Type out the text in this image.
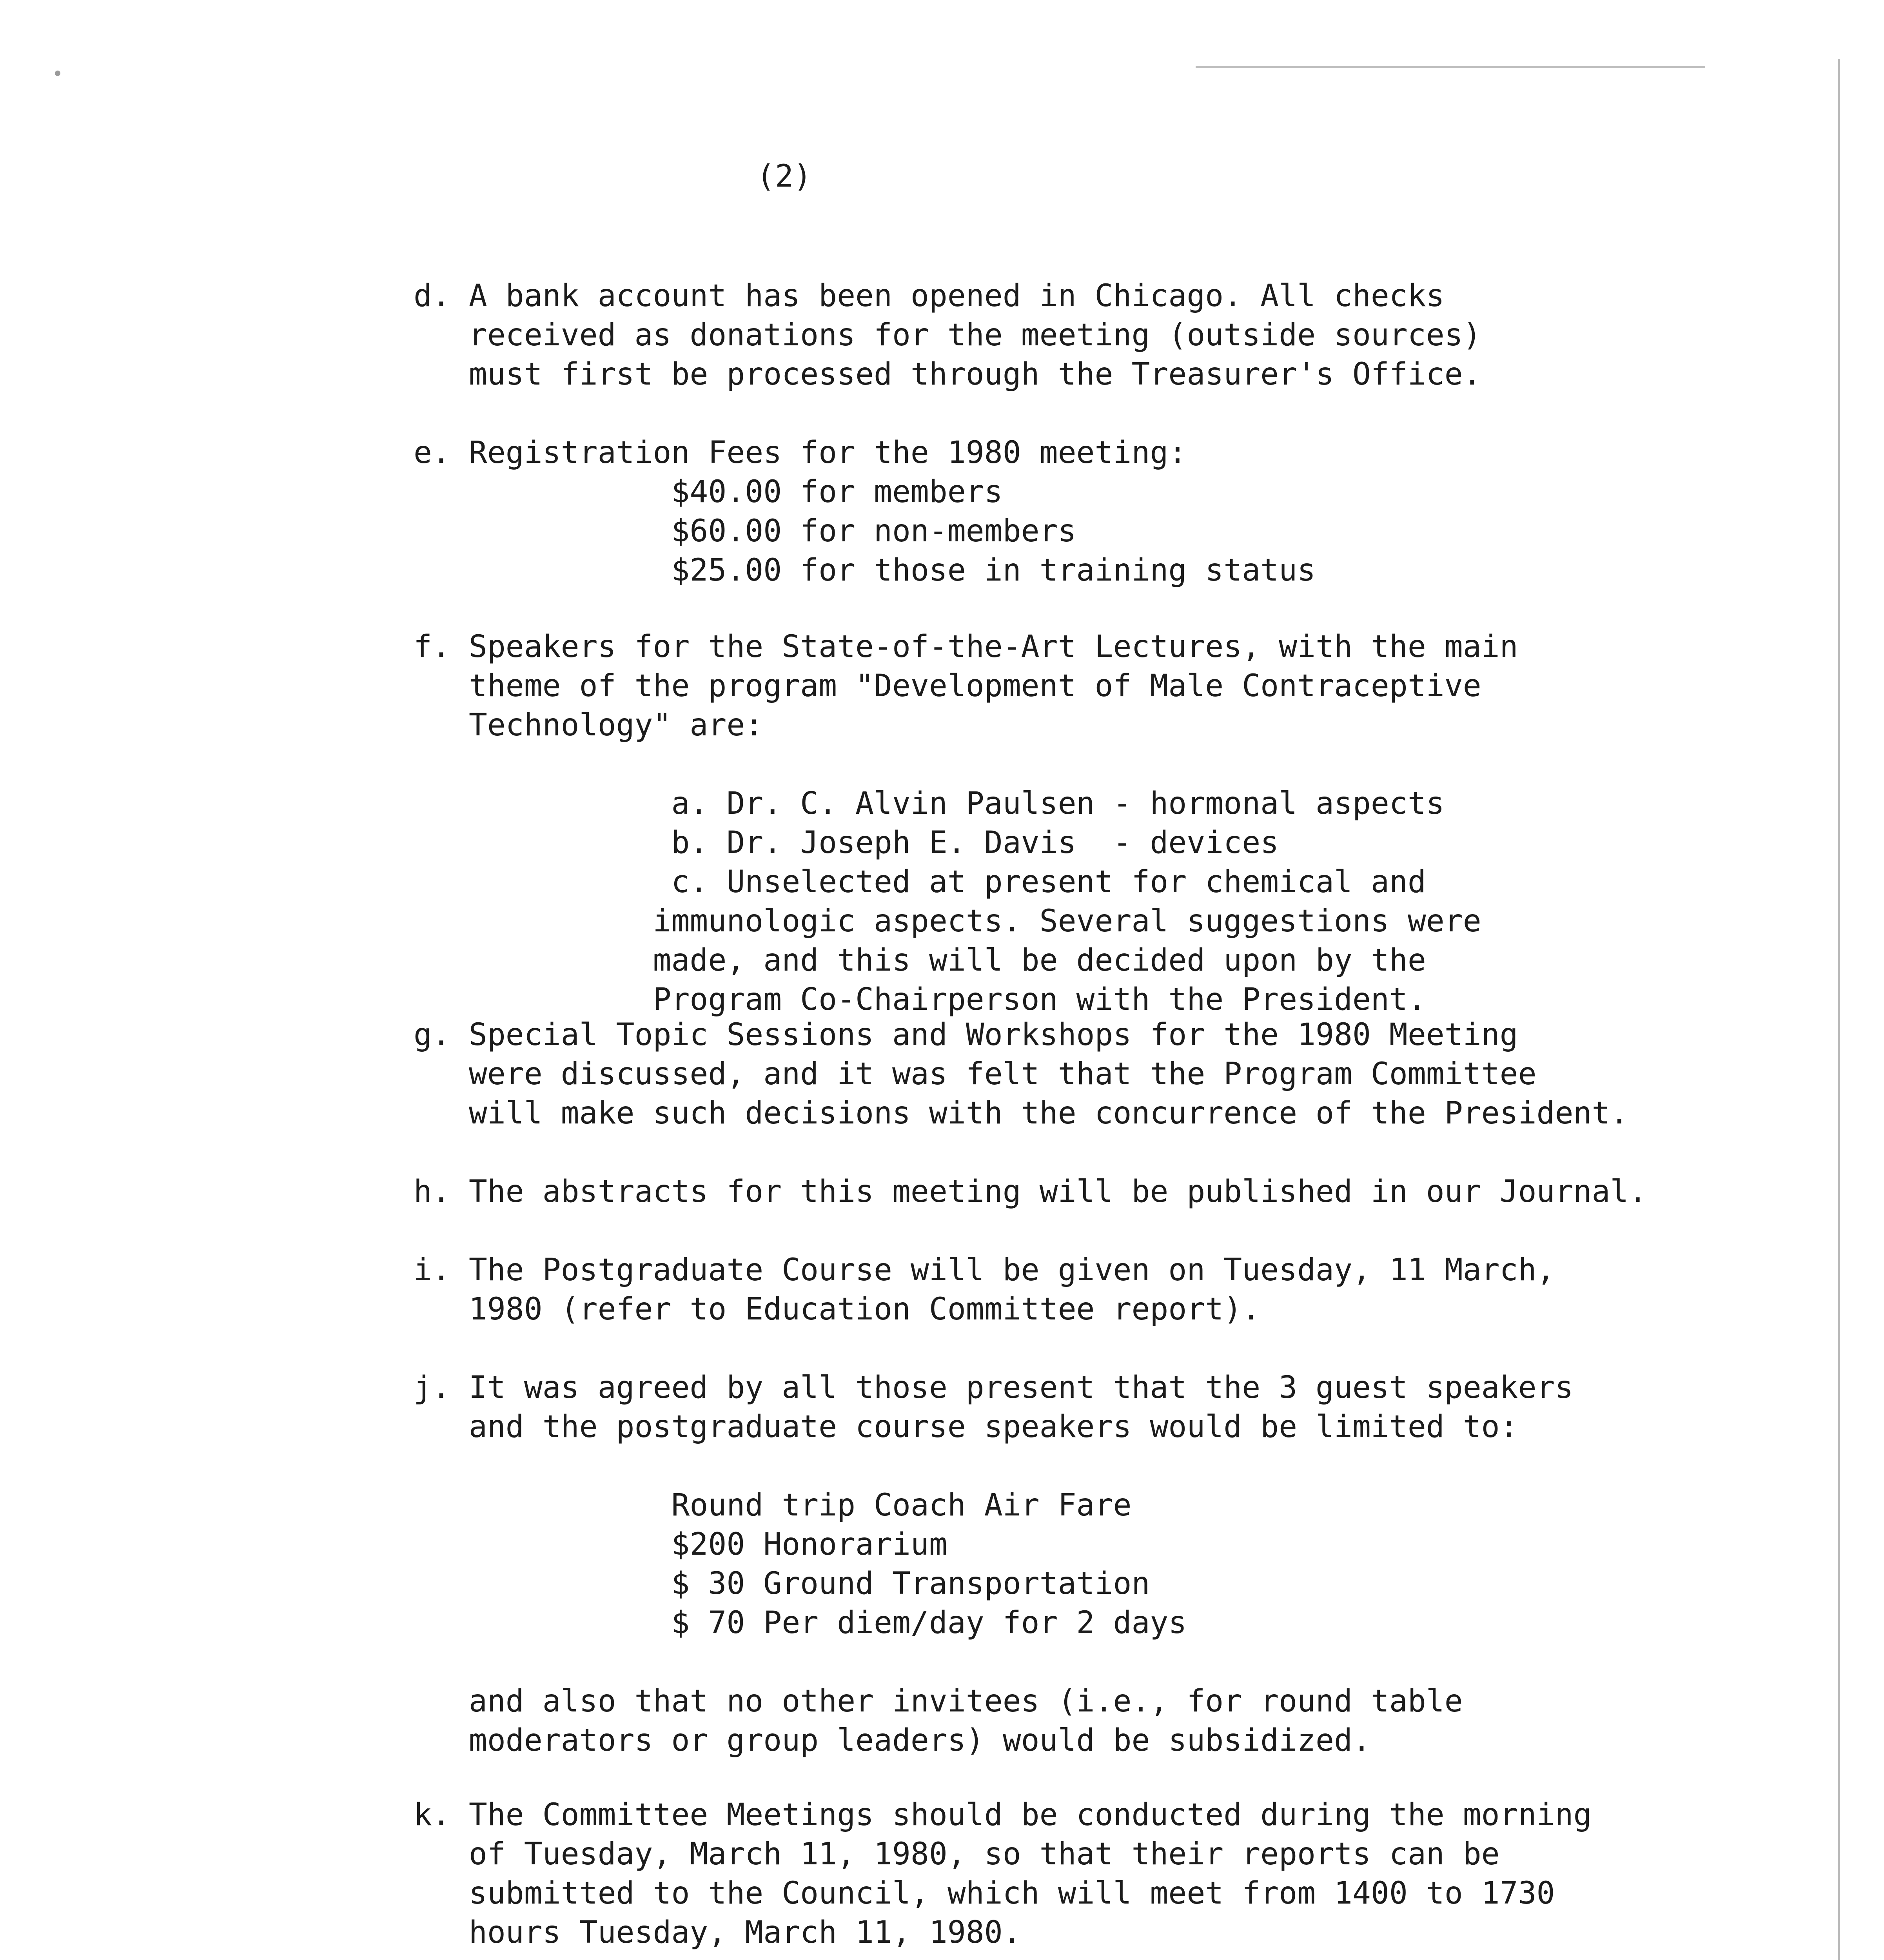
(2)
d. A bank account has been opened in Chicago. All checks
received as donations for the meeting (outside sources)
must first be processed through the Treasurer's Office.
e. Registration Fees for the 1980 meeting:
$40.00 for members
$60.00 for non-members
$25.00 for those in training status
f. Speakers for the State-of-the-Art Lectures, with the main
theme of the program "Development of Male Contraceptive
Technology" are:
a. Dr. C. Alvin Paulsen - hormonal aspects
b. Dr. Joseph E. Davis  - devices
c. Unselected at present for chemical and
immunologic aspects. Several suggestions were
made, and this will be decided upon by the
Program Co-Chairperson with the President.
g. Special Topic Sessions and Workshops for the 1980 Meeting
were discussed, and it was felt that the Program Committee
will make such decisions with the concurrence of the President.
h. The abstracts for this meeting will be published in our Journal.
i. The Postgraduate Course will be given on Tuesday, 11 March,
1980 (refer to Education Committee report).
j. It was agreed by all those present that the 3 guest speakers
and the postgraduate course speakers would be limited to:
Round trip Coach Air Fare
$200 Honorarium
$ 30 Ground Transportation
$ 70 Per diem/day for 2 days
and also that no other invitees (i.e., for round table
moderators or group leaders) would be subsidized.
k. The Committee Meetings should be conducted during the morning
of Tuesday, March 11, 1980, so that their reports can be
submitted to the Council, which will meet from 1400 to 1730
hours Tuesday, March 11, 1980.
